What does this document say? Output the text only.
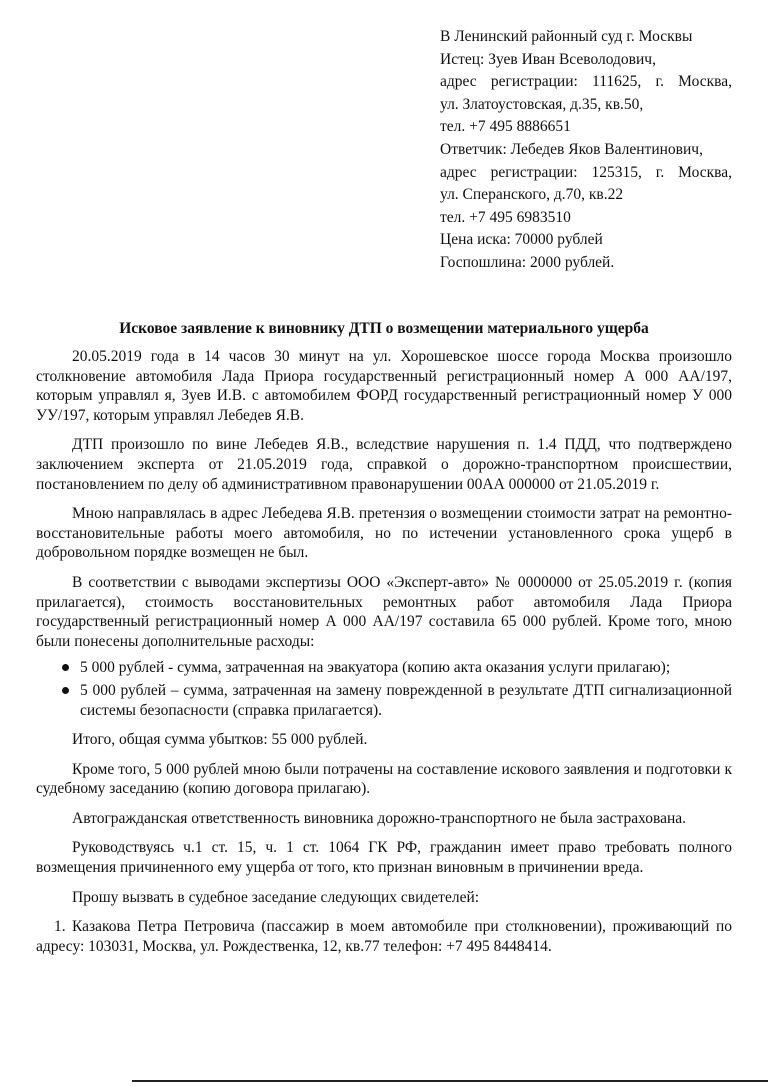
В Ленинский районный суд г. Москвы
Истец: Зуев Иван Всеволодович,
адрес регистрации: 111625, г. Москва,
ул. Златоустовская, д.35, кв.50,
тел. +7 495 8886651
Ответчик: Лебедев Яков Валентинович,
адрес регистрации: 125315, г. Москва,
ул. Сперанского, д.70, кв.22
тел. +7 495 6983510
Цена иска: 70000 рублей
Госпошлина: 2000 рублей.
Исковое заявление к виновнику ДТП о возмещении материального ущерба

20.05.2019 года в 14 часов 30 минут на ул. Хорошевское шоссе города Москва произошло столкновение автомобиля Лада Приора государственный регистрационный номер А 000 АА/197, которым управлял я, Зуев И.В. с автомобилем ФОРД государственный регистрационный номер У 000 УУ/197, которым управлял Лебедев Я.В.

ДТП произошло по вине Лебедев Я.В., вследствие нарушения п. 1.4 ПДД, что подтверждено заключением эксперта от 21.05.2019 года, справкой о дорожно-транспортном происшествии, постановлением по делу об административном правонарушении 00АА 000000 от 21.05.2019 г.

Мною направлялась в адрес Лебедева Я.В. претензия о возмещении стоимости затрат на ремонтно-восстановительные работы моего автомобиля, но по истечении установленного срока ущерб в добровольном порядке возмещен не был.

В соответствии с выводами экспертизы ООО «Эксперт-авто» № 0000000 от 25.05.2019 г. (копия прилагается), стоимость восстановительных ремонтных работ автомобиля Лада Приора государственный регистрационный номер А 000 АА/197 составила 65 000 рублей. Кроме того, мною были понесены дополнительные расходы:

5 000 рублей - сумма, затраченная на эвакуатора (копию акта оказания услуги прилагаю);
5 000 рублей – сумма, затраченная на замену поврежденной в результате ДТП сигнализационной системы безопасности (справка прилагается).

Итого, общая сумма убытков: 55 000 рублей.

Кроме того, 5 000 рублей мною были потрачены на составление искового заявления и подготовки к судебному заседанию (копию договора прилагаю).

Автогражданская ответственность виновника дорожно-транспортного не была застрахована.

Руководствуясь ч.1 ст. 15, ч. 1 ст. 1064 ГК РФ, гражданин имеет право требовать полного возмещения причиненного ему ущерба от того, кто признан виновным в причинении вреда.

Прошу вызвать в судебное заседание следующих свидетелей:

1. Казакова Петра Петровича (пассажир в моем автомобиле при столкновении), проживающий по адресу: 103031, Москва, ул. Рождественка, 12, кв.77 телефон: +7 495 8448414.
